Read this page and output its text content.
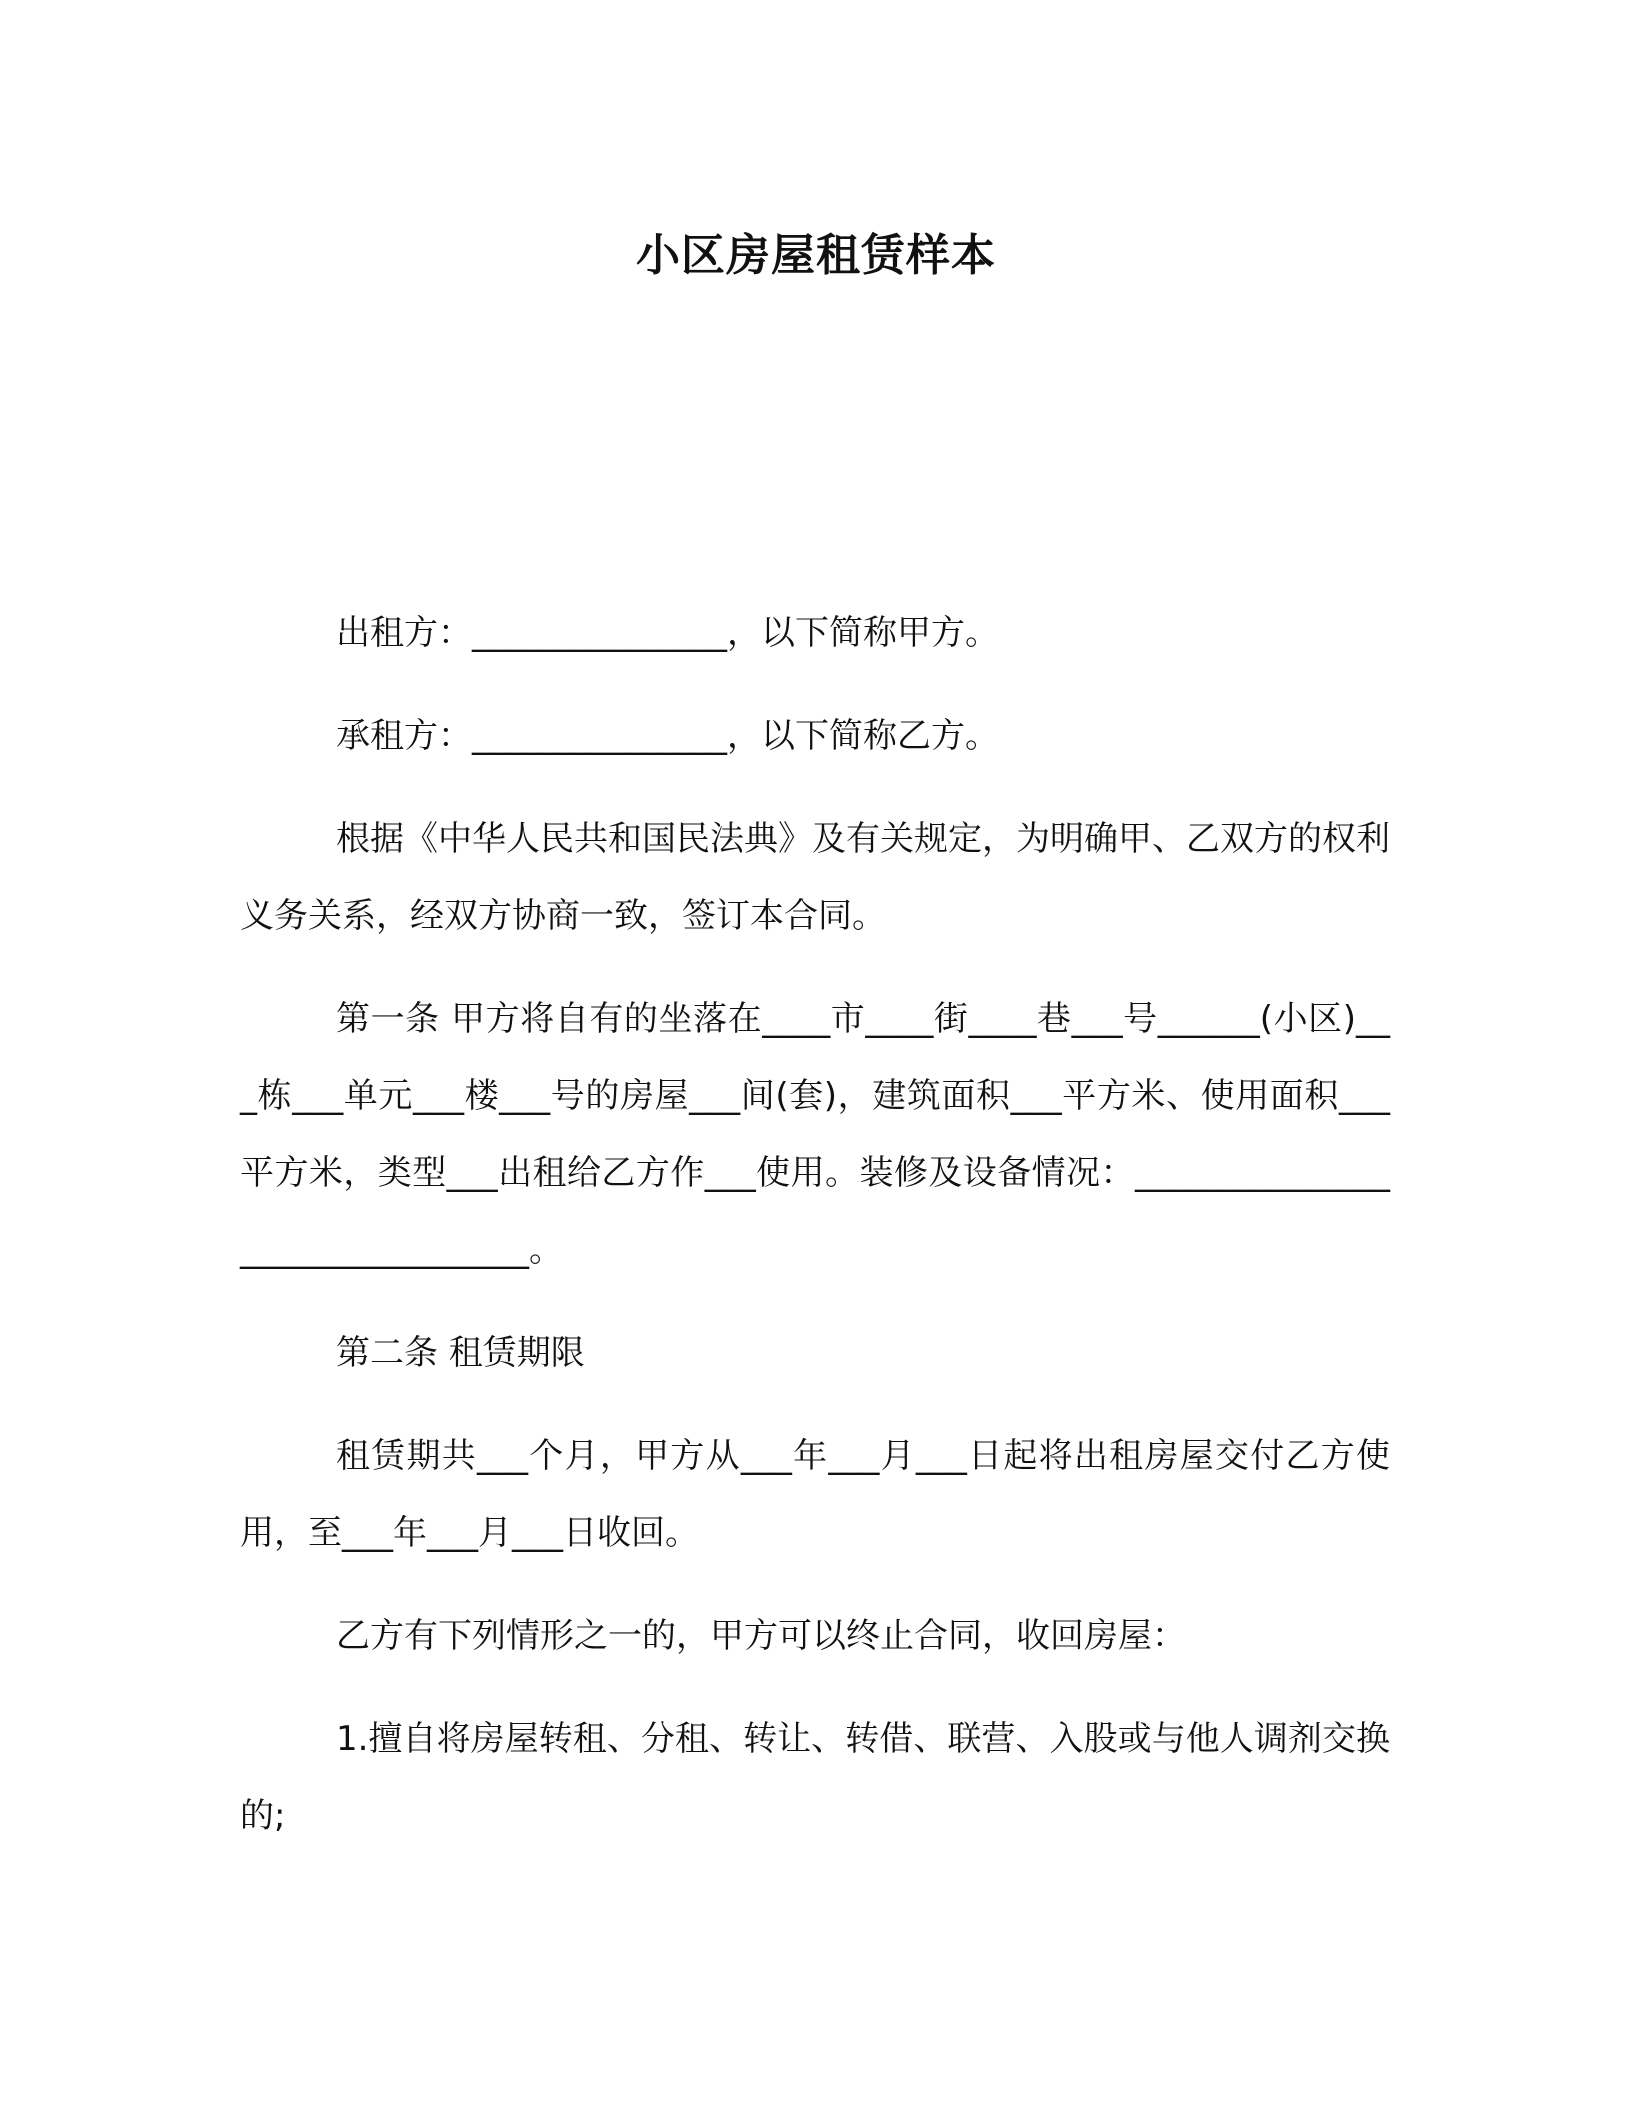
小区房屋租赁样本

出租方：_______________，以下简称甲方。

承租方：_______________，以下简称乙方。

根据《中华人民共和国民法典》及有关规定，为明确甲、乙双方的权利义务关系，经双方协商一致，签订本合同。

第一条 甲方将自有的坐落在____市____街____巷___号______(小区)___栋___单元___楼___号的房屋___间(套)，建筑面积___平方米、使用面积___平方米，类型___出租给乙方作___使用。装修及设备情况：________________________________。

第二条 租赁期限

租赁期共___个月，甲方从___年___月___日起将出租房屋交付乙方使用，至___年___月___日收回。

乙方有下列情形之一的，甲方可以终止合同，收回房屋：

1.擅自将房屋转租、分租、转让、转借、联营、入股或与他人调剂交换的;
